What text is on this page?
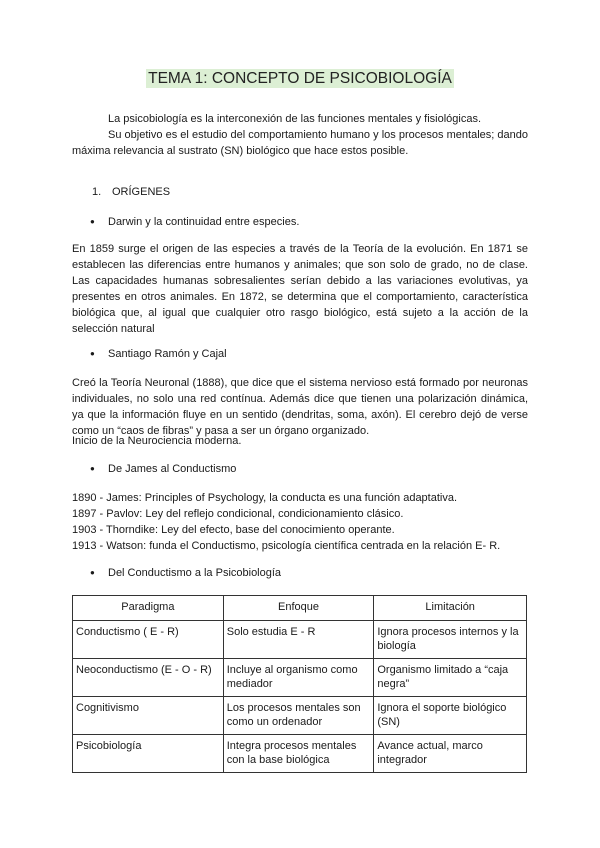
TEMA 1: CONCEPTO DE PSICOBIOLOGÍA

La psicobiología es la interconexión de las funciones mentales y fisiológicas.

Su objetivo es el estudio del comportamiento humano y los procesos mentales; dando máxima relevancia al sustrato (SN) biológico que hace estos posible.

1. ORÍGENES
● Darwin y la continuidad entre especies.

En 1859 surge el origen de las especies a través de la Teoría de la evolución. En 1871 se establecen las diferencias entre humanos y animales; que son solo de grado, no de clase. Las capacidades humanas sobresalientes serían debido a las variaciones evolutivas, ya presentes en otros animales. En 1872, se determina que el comportamiento, característica biológica que, al igual que cualquier otro rasgo biológico, está sujeto a la acción de la selección natural

● Santiago Ramón y Cajal

Creó la Teoría Neuronal (1888), que dice que el sistema nervioso está formado por neuronas individuales, no solo una red contínua. Además dice que tienen una polarización dinámica, ya que la información fluye en un sentido (dendritas, soma, axón). El cerebro dejó de verse como un “caos de fibras” y pasa a ser un órgano organizado.

Inicio de la Neurociencia moderna.
● De James al Conductismo
1890 - James: Principles of Psychology, la conducta es una función adaptativa.
1897 - Pavlov: Ley del reflejo condicional, condicionamiento clásico.
1903 - Thorndike: Ley del efecto, base del conocimiento operante.
1913 - Watson: funda el Conductismo, psicología científica centrada en la relación E- R.
● Del Conductismo a la Psicobiología
Paradigma	Enfoque	Limitación
Conductismo ( E - R)	Solo estudia E - R	Ignora procesos internos y la biología
Neoconductismo (E - O - R)	Incluye al organismo como mediador	Organismo limitado a “caja negra”
Cognitivismo	Los procesos mentales son como un ordenador	Ignora el soporte biológico (SN)
Psicobiología	Integra procesos mentales con la base biológica	Avance actual, marco integrador
